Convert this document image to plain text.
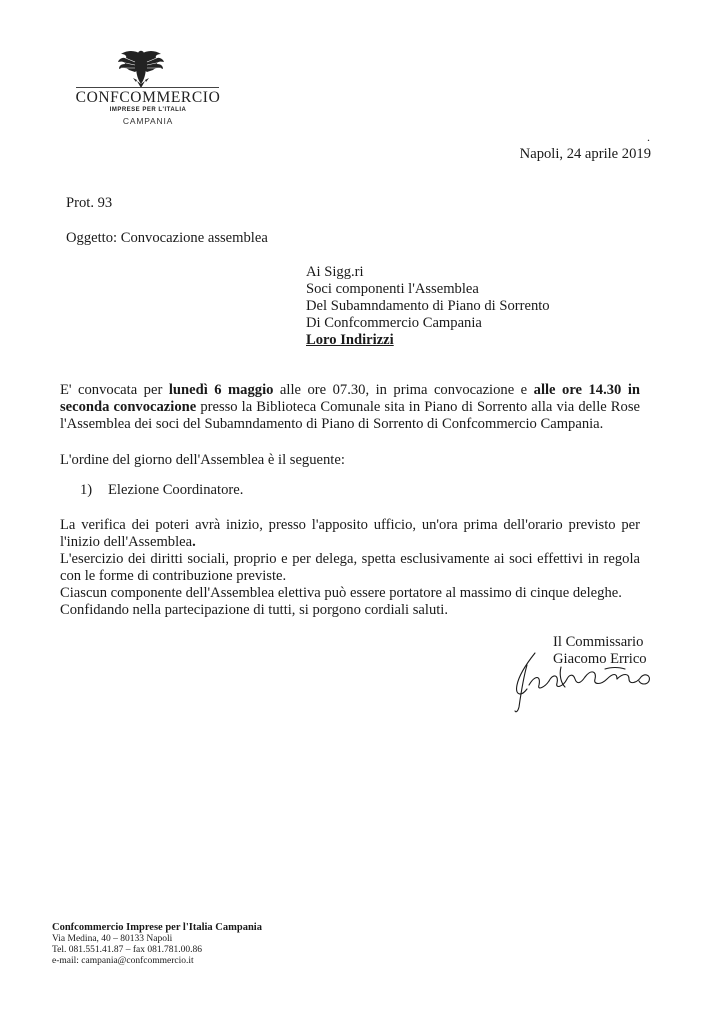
CONFCOMMERCIO
IMPRESE PER L'ITALIA
CAMPANIA
.
Napoli, 24 aprile 2019
Prot. 93
Oggetto: Convocazione assemblea
Ai Sigg.ri
Soci componenti l'Assemblea
Del Subamndamento di Piano di Sorrento
Di Confcommercio Campania
Loro Indirizzi
E' convocata per lunedì 6 maggio alle ore 07.30, in prima convocazione e alle ore 14.30 in seconda convocazione presso la Biblioteca Comunale sita in Piano di Sorrento alla via delle Rose l'Assemblea dei soci del Subamndamento di Piano di Sorrento di Confcommercio Campania.
L'ordine del giorno dell'Assemblea è il seguente:
1) Elezione Coordinatore.
La verifica dei poteri avrà inizio, presso l'apposito ufficio, un'ora prima dell'orario previsto per
l'inizio dell'Assemblea.
L'esercizio dei diritti sociali, proprio e per delega, spetta esclusivamente ai soci effettivi in regola
con le forme di contribuzione previste.
Ciascun componente dell'Assemblea elettiva può essere portatore al massimo di cinque deleghe.
Confidando nella partecipazione di tutti, si porgono cordiali saluti.
Il Commissario
Giacomo Errico
Confcommercio Imprese per l'Italia Campania
Via Medina, 40 – 80133 Napoli
Tel. 081.551.41.87 – fax 081.781.00.86
e-mail: campania@confcommercio.it
